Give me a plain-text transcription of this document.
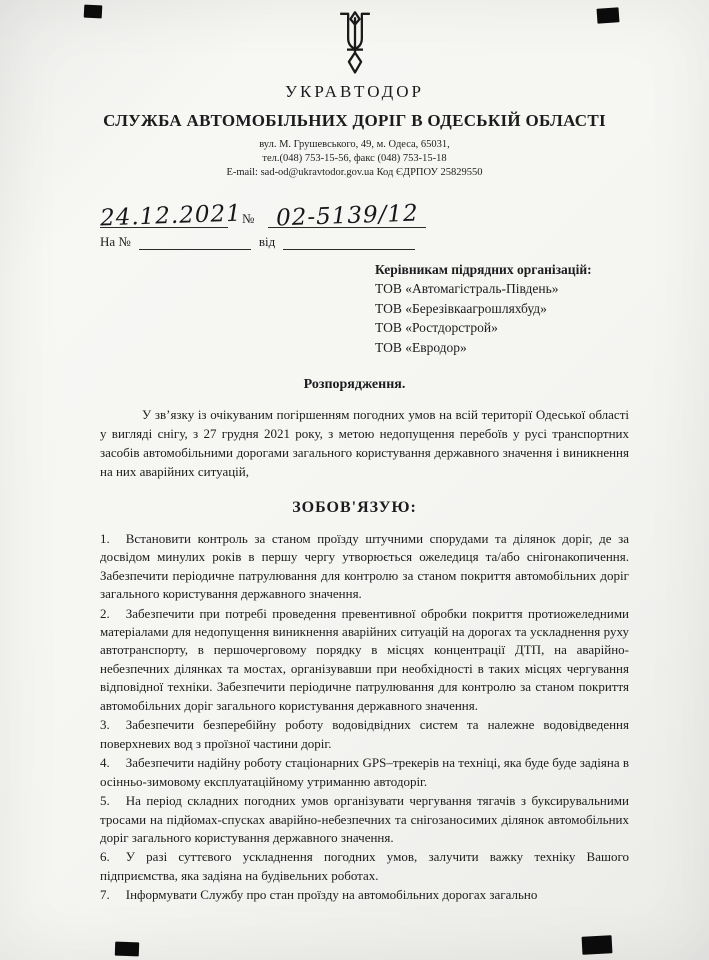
УКРАВТОДОР
СЛУЖБА АВТОМОБІЛЬНИХ ДОРІГ В ОДЕСЬКІЙ ОБЛАСТІ
вул. М. Грушевського, 49, м. Одеса, 65031,
тел.(048) 753-15-56, факс (048) 753-15-18
E-mail: sad-od@ukravtodor.gov.ua Код ЄДРПОУ 25829550
24.12.2021 № 02-5139/12
На №	від
Керівникам підрядних організацій:
ТОВ «Автомагістраль-Південь»
ТОВ «Березівкаагрошляхбуд»
ТОВ «Ростдорстрой»
ТОВ «Евродор»
Розпорядження.

У зв’язку із очікуваним погіршенням погодних умов на всій території Одеської області у вигляді снігу, з 27 грудня 2021 року, з метою недопущення перебоїв у русі транспортних засобів автомобільними дорогами загального користування державного значення і виникнення на них аварійних ситуацій,

ЗОБОВ'ЯЗУЮ:

1. Встановити контроль за станом проїзду штучними спорудами та ділянок доріг, де за досвідом минулих років в першу чергу утворюється ожеледиця та/або снігонакопичення. Забезпечити періодичне патрулювання для контролю за станом покриття автомобільних доріг загального користування державного значення.

2. Забезпечити при потребі проведення превентивної обробки покриття протиожеледними матеріалами для недопущення виникнення аварійних ситуацій на дорогах та ускладнення руху автотранспорту, в першочерговому порядку в місцях концентрації ДТП, на аварійно-небезпечних ділянках та мостах, організувавши при необхідності в таких місцях чергування відповідної техніки. Забезпечити періодичне патрулювання для контролю за станом покриття автомобільних доріг загального користування державного значення.

3. Забезпечити безперебійну роботу водовідвідних систем та належне водовідведення поверхневих вод з проїзної частини доріг.

4. Забезпечити надійну роботу стаціонарних GPS–трекерів на техніці, яка буде буде задіяна в осінньо-зимовому експлуатаційному утриманню автодоріг.

5. На період складних погодних умов організувати чергування тягачів з буксирувальними тросами на підйомах-спусках аварійно-небезпечних та снігозаносимих ділянок автомобільних доріг загального користування державного значення.

6. У разі суттєвого ускладнення погодних умов, залучити важку техніку Вашого підприємства, яка задіяна на будівельних роботах.

7. Інформувати Службу про стан проїзду на автомобільних дорогах загально
